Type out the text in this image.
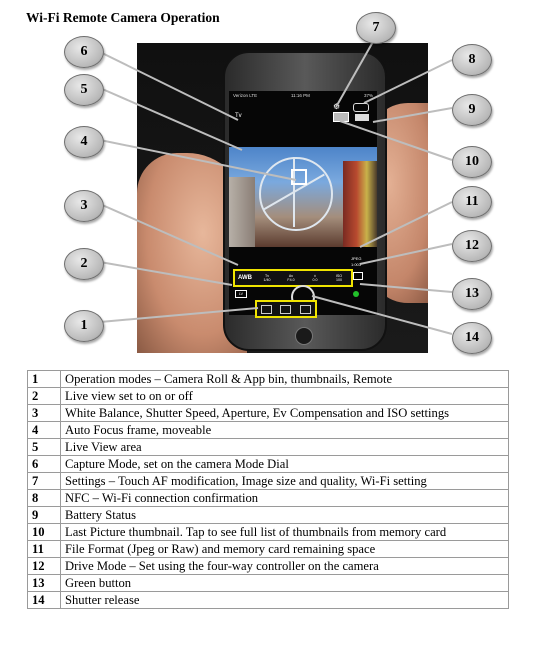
Wi-Fi Remote Camera Operation
Verizon LTE	11:16 PM	37%
Tv
⚙
JPEG
1:003
AWB	Tv
1/40
Av
F4.0
±
0.0
ISO
100
LV
1
2
3
4
5
6
7
8
9
10
11
12
13
14
1	Operation modes – Camera Roll & App bin, thumbnails, Remote
2	Live view set to on or off
3	White Balance, Shutter Speed, Aperture, Ev Compensation and ISO settings
4	Auto Focus frame, moveable
5	Live View area
6	Capture Mode, set on the camera Mode Dial
7	Settings – Touch AF modification, Image size and quality, Wi-Fi setting
8	NFC – Wi-Fi connection confirmation
9	Battery Status
10	Last Picture thumbnail. Tap to see full list of thumbnails from memory card
11	File Format (Jpeg or Raw) and memory card remaining space
12	Drive Mode – Set using the four-way controller on the camera
13	Green button
14	Shutter release
